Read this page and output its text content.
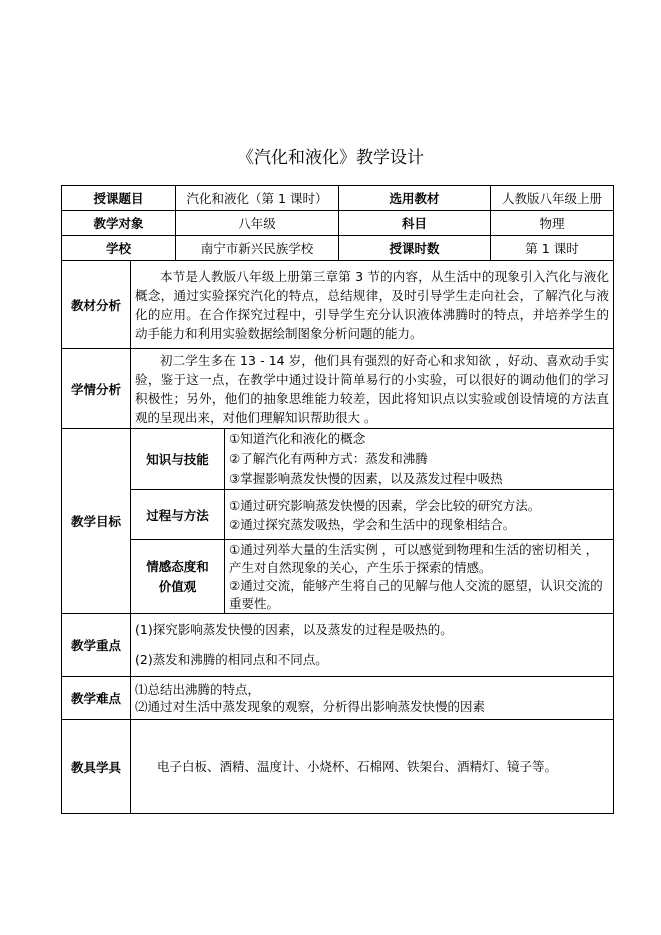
《汽化和液化》教学设计
授课题目	汽化和液化（第 1 课时）	选用教材	人教版八年级上册
教学对象	八年级	科目	物理
学校	南宁市新兴民族学校	授课时数	第 1 课时
教材分析	本节是人教版八年级上册第三章第 3 节的内容，从生活中的现象引入汽化与液化概念，通过实验探究汽化的特点，总结规律，及时引导学生走向社会，了解汽化与液化的应用。在合作探究过程中，引导学生充分认识液体沸腾时的特点，并培养学生的动手能力和利用实验数据绘制图象分析问题的能力。	
学情分析	初二学生多在 13 - 14 岁，他们具有强烈的好奇心和求知欲 ，好动、喜欢动手实验，鉴于这一点，在教学中通过设计简单易行的小实验，可以很好的调动他们的学习积极性；另外，他们的抽象思维能力较差，因此将知识点以实验或创设情境的方法直观的呈现出来，对他们理解知识帮助很大 。	
教学目标	知识与技能	①知道汽化和液化的概念
②了解汽化有两种方式：蒸发和沸腾
③掌握影响蒸发快慢的因素，以及蒸发过程中吸热

	过程与方法	①通过研究影响蒸发快慢的因素，学会比较的研究方法。
②通过探究蒸发吸热，学会和生活中的现象相结合。

	情感态度和价值观	①通过列举大量的生活实例 ，可以感觉到物理和生活的密切相关 ，产生对自然现象的关心，产生乐于探索的情感。
②通过交流，能够产生将自己的见解与他人交流的愿望，认识交流的重要性。

教学重点	(1)探究影响蒸发快慢的因素，以及蒸发的过程是吸热的。
(2)蒸发和沸腾的相同点和不同点。	

教学难点	⑴总结出沸腾的特点，
⑵通过对生活中蒸发现象的观察，分析得出影响蒸发快慢的因素	

教具学具	电子白板、酒精、温度计、小烧杯、石棉网、铁架台、酒精灯、镜子等。	
